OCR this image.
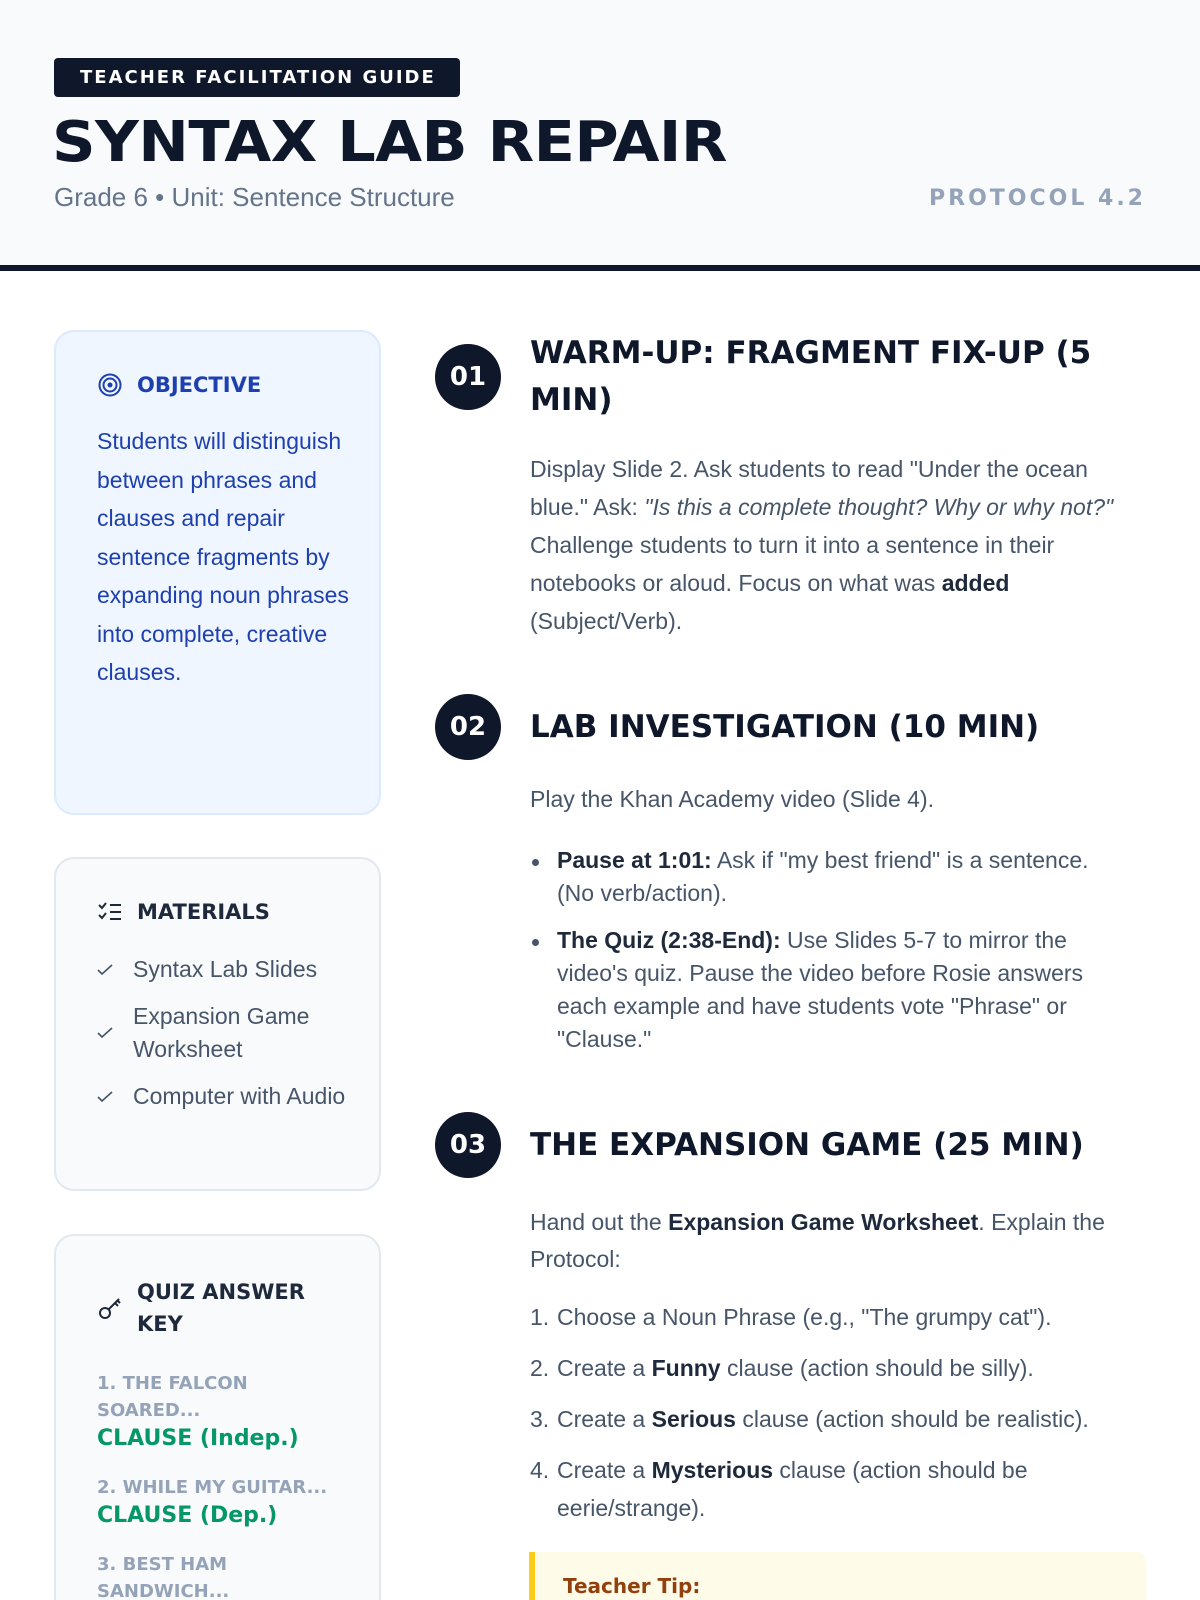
TEACHER FACILITATION GUIDE
SYNTAX LAB REPAIR
Grade 6 • Unit: Sentence Structure	PROTOCOL 4.2
OBJECTIVE

Students will distinguish between phrases and clauses and repair sentence fragments by expanding noun phrases into complete, creative clauses.

MATERIALS
Syntax Lab Slides
Expansion Game Worksheet
Computer with Audio
QUIZ ANSWER KEY
1. THE FALCON SOARED...
CLAUSE (Indep.)
2. WHILE MY GUITAR...
CLAUSE (Dep.)
3. BEST HAM SANDWICH...
01
WARM-UP: FRAGMENT FIX-UP (5 MIN)

Display Slide 2. Ask students to read "Under the ocean blue." Ask: "Is this a complete thought? Why or why not?" Challenge students to turn it into a sentence in their notebooks or aloud. Focus on what was added (Subject/Verb).

02	LAB INVESTIGATION (10 MIN)

Play the Khan Academy video (Slide 4).

Pause at 1:01: Ask if "my best friend" is a sentence. (No verb/action).
The Quiz (2:38-End): Use Slides 5-7 to mirror the video's quiz. Pause the video before Rosie answers each example and have students vote "Phrase" or "Clause."
03	THE EXPANSION GAME (25 MIN)

Hand out the Expansion Game Worksheet. Explain the Protocol:

1. Choose a Noun Phrase (e.g., "The grumpy cat").
2. Create a Funny clause (action should be silly).
3. Create a Serious clause (action should be realistic).
4. Create a Mysterious clause (action should be eerie/strange).
Teacher Tip:
